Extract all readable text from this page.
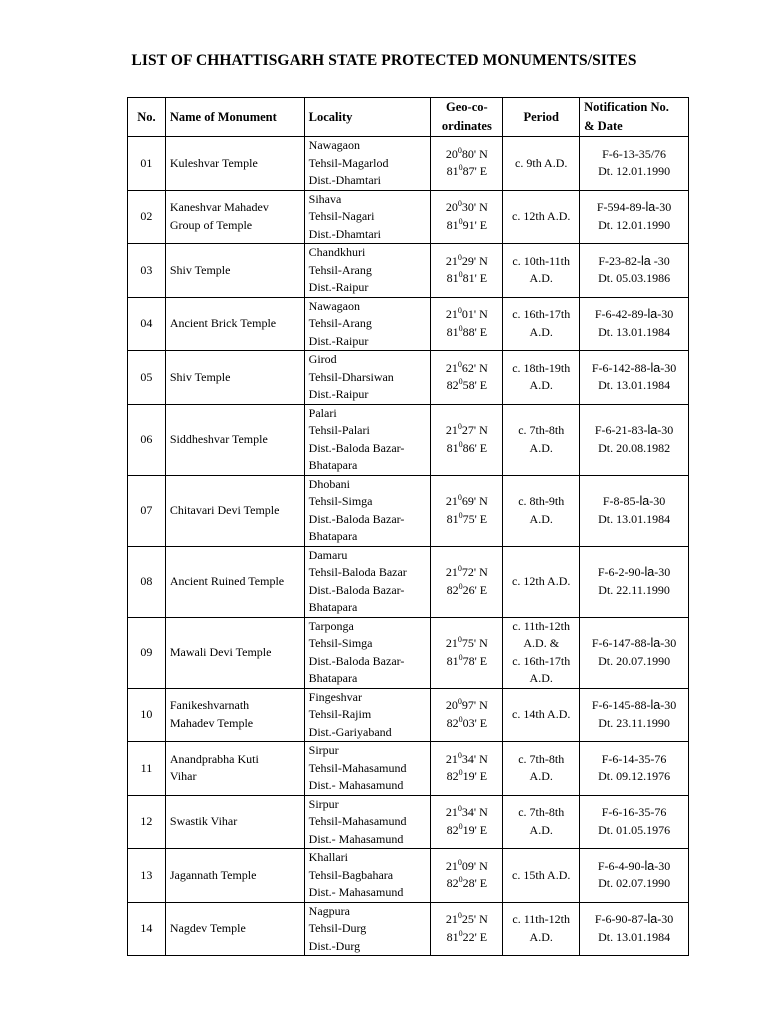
LIST OF CHHATTISGARH STATE PROTECTED MONUMENTS/SITES
No.	Name of Monument	Locality	Geo-co-
ordinates	Period	Notification No.
& Date

01	Kuleshvar Temple	Nawagaon
Tehsil-Magarlod
Dist.-Dhamtari	$20^080'$ N
$81^087'$ E	c. 9th A.D.	F-6-13-35/76
Dt. 12.01.1990

02	Kaneshvar Mahadev
Group of Temple	Sihava
Tehsil-Nagari
Dist.-Dhamtari	$20^030'$ N
$81^091'$ E	c. 12th A.D.	F-594-89-la-30
Dt. 12.01.1990

03	Shiv Temple	Chandkhuri
Tehsil-Arang
Dist.-Raipur	$21^029'$ N
$81^081'$ E	c. 10th-11th
A.D.	F-23-82-la -30
Dt. 05.03.1986

04	Ancient Brick Temple	Nawagaon
Tehsil-Arang
Dist.-Raipur	$21^001'$ N
$81^088'$ E	c. 16th-17th
A.D.	F-6-42-89-la-30
Dt. 13.01.1984

05	Shiv Temple	Girod
Tehsil-Dharsiwan
Dist.-Raipur	$21^062'$ N
$82^058'$ E	c. 18th-19th
A.D.	F-6-142-88-la-30
Dt. 13.01.1984

06	Siddheshvar Temple	Palari
Tehsil-Palari
Dist.-Baloda Bazar-
Bhatapara	$21^027'$ N
$81^086'$ E	c. 7th-8th
A.D.	F-6-21-83-la-30
Dt. 20.08.1982

07	Chitavari Devi Temple	Dhobani
Tehsil-Simga
Dist.-Baloda Bazar-
Bhatapara	$21^069'$ N
$81^075'$ E	c. 8th-9th
A.D.	F-8-85-la-30
Dt. 13.01.1984

08	Ancient Ruined Temple	Damaru
Tehsil-Baloda Bazar
Dist.-Baloda Bazar-
Bhatapara	$21^072'$ N
$82^026'$ E	c. 12th A.D.	F-6-2-90-la-30
Dt. 22.11.1990

09	Mawali Devi Temple	Tarponga
Tehsil-Simga
Dist.-Baloda Bazar-
Bhatapara	$21^075'$ N
$81^078'$ E	c. 11th-12th
A.D. &
c. 16th-17th
A.D.	F-6-147-88-la-30
Dt. 20.07.1990

10	Fanikeshvarnath
Mahadev Temple	Fingeshvar
Tehsil-Rajim
Dist.-Gariyaband	$20^097'$ N
$82^003'$ E	c. 14th A.D.	F-6-145-88-la-30
Dt. 23.11.1990

11	Anandprabha Kuti
Vihar	Sirpur
Tehsil-Mahasamund
Dist.- Mahasamund	$21^034'$ N
$82^019'$ E	c. 7th-8th
A.D.	F-6-14-35-76
Dt. 09.12.1976

12	Swastik Vihar	Sirpur
Tehsil-Mahasamund
Dist.- Mahasamund	$21^034'$ N
$82^019'$ E	c. 7th-8th
A.D.	F-6-16-35-76
Dt. 01.05.1976

13	Jagannath Temple	Khallari
Tehsil-Bagbahara
Dist.- Mahasamund	$21^009'$ N
$82^028'$ E	c. 15th A.D.	F-6-4-90-la-30
Dt. 02.07.1990

14	Nagdev Temple	Nagpura
Tehsil-Durg
Dist.-Durg	$21^025'$ N
$81^022'$ E	c. 11th-12th
A.D.	F-6-90-87-la-30
Dt. 13.01.1984
